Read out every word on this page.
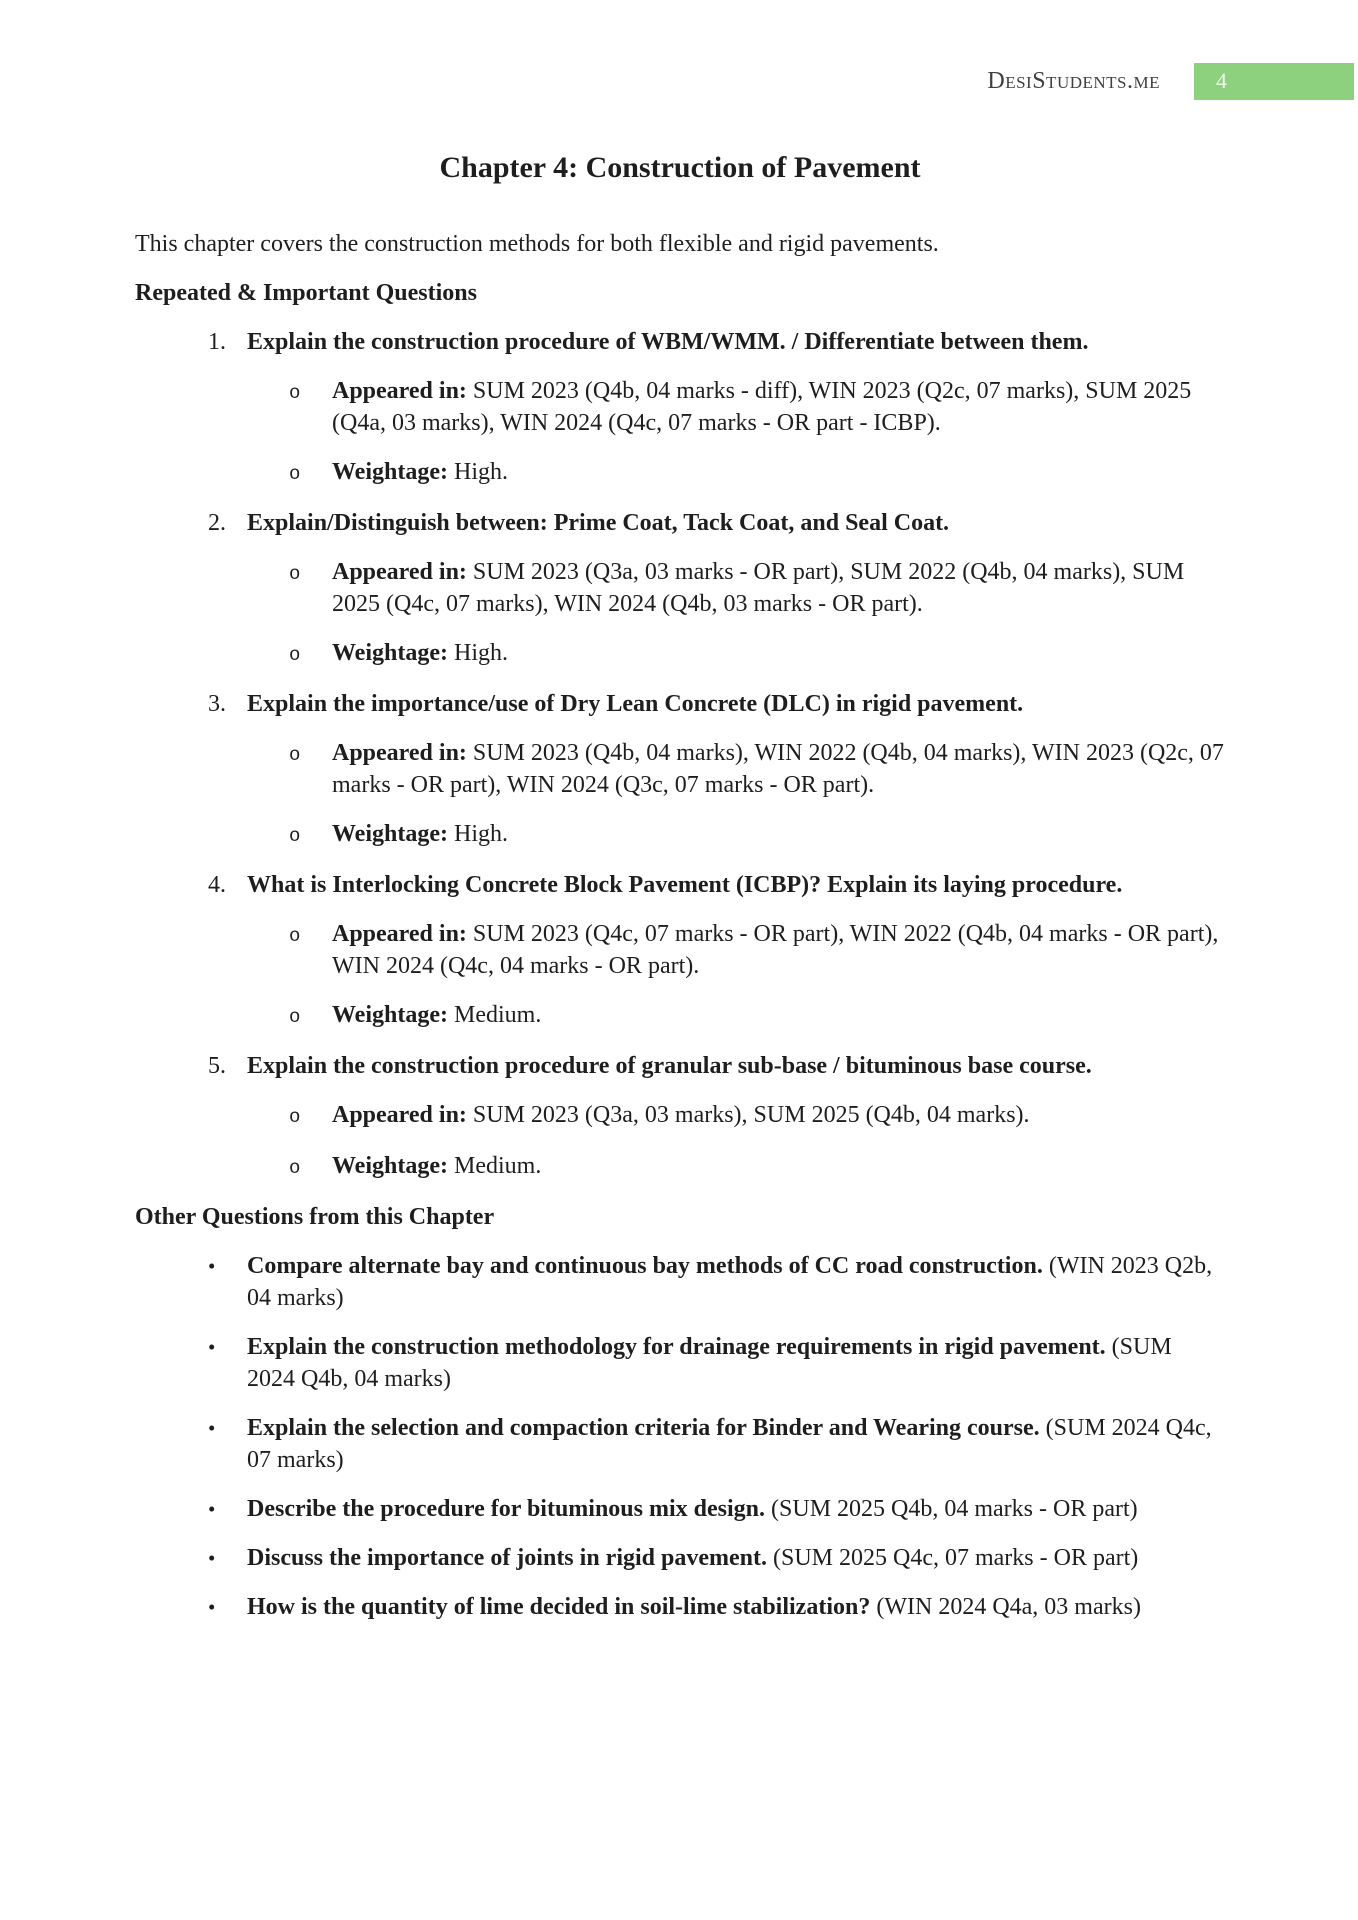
DesiStudents.me	4
Chapter 4: Construction of Pavement
This chapter covers the construction methods for both flexible and rigid pavements.
Repeated & Important Questions
1. Explain the construction procedure of WBM/WMM. / Differentiate between them.
o	Appeared in: SUM 2023 (Q4b, 04 marks - diff), WIN 2023 (Q2c, 07 marks), SUM 2025 (Q4a, 03 marks), WIN 2024 (Q4c, 07 marks - OR part - ICBP).
o	Weightage: High.
2. Explain/Distinguish between: Prime Coat, Tack Coat, and Seal Coat.
o	Appeared in: SUM 2023 (Q3a, 03 marks - OR part), SUM 2022 (Q4b, 04 marks), SUM 2025 (Q4c, 07 marks), WIN 2024 (Q4b, 03 marks - OR part).
o	Weightage: High.
3. Explain the importance/use of Dry Lean Concrete (DLC) in rigid pavement.
o	Appeared in: SUM 2023 (Q4b, 04 marks), WIN 2022 (Q4b, 04 marks), WIN 2023 (Q2c, 07 marks - OR part), WIN 2024 (Q3c, 07 marks - OR part).
o	Weightage: High.
4. What is Interlocking Concrete Block Pavement (ICBP)? Explain its laying procedure.
o	Appeared in: SUM 2023 (Q4c, 07 marks - OR part), WIN 2022 (Q4b, 04 marks - OR part), WIN 2024 (Q4c, 04 marks - OR part).
o	Weightage: Medium.
5. Explain the construction procedure of granular sub-base / bituminous base course.
o	Appeared in: SUM 2023 (Q3a, 03 marks), SUM 2025 (Q4b, 04 marks).
o	Weightage: Medium.
Other Questions from this Chapter
•	Compare alternate bay and continuous bay methods of CC road construction. (WIN 2023 Q2b, 04 marks)
•	Explain the construction methodology for drainage requirements in rigid pavement. (SUM 2024 Q4b, 04 marks)
•	Explain the selection and compaction criteria for Binder and Wearing course. (SUM 2024 Q4c, 07 marks)
•	Describe the procedure for bituminous mix design. (SUM 2025 Q4b, 04 marks - OR part)
•	Discuss the importance of joints in rigid pavement. (SUM 2025 Q4c, 07 marks - OR part)
•	How is the quantity of lime decided in soil-lime stabilization? (WIN 2024 Q4a, 03 marks)
